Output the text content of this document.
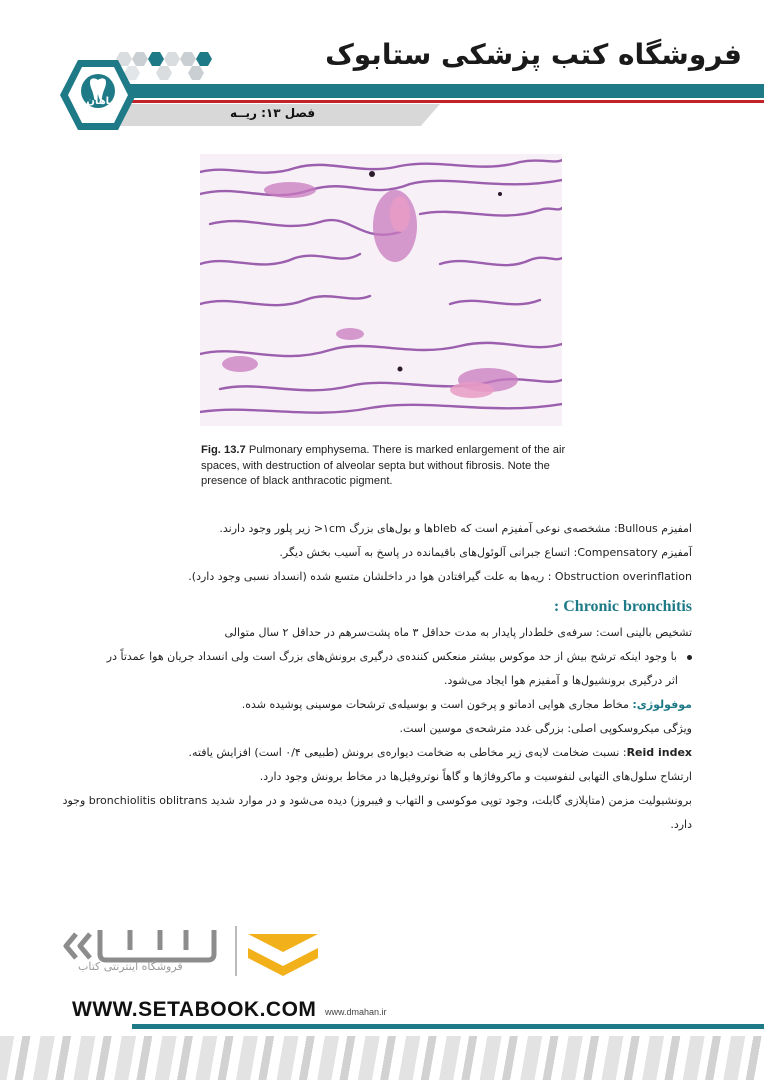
فروشگاه کتب پزشکی ستابوک
فصل ۱۳: ریــه
ماهان
Fig. 13.7 Pulmonary emphysema. There is marked enlargement of the air spaces, with destruction of alveolar septa but without fibrosis. Note the presence of black anthracotic pigment.
امفیزم Bullous: مشخصه‌ی نوعی آمفیزم است که blebها و بول‌های بزرگ ۱cm< زیر پلور وجود دارند.
آمفیزم Compensatory: اتساع جبرانی آلوئول‌های باقیمانده در پاسخ به آسیب بخش دیگر.
Obstruction overinflation : ریه‌ها به علت گیرافتادن هوا در داخلشان متسع شده (انسداد نسبی وجود دارد).
Chronic bronchitis :
تشخیص بالینی است: سرفه‌ی خلط‌دار پایدار به مدت حداقل ۳ ماه پشت‌سرهم در حداقل ۲ سال متوالی
با وجود اینکه ترشح بیش از حد موکوس بیشتر منعکس کننده‌ی درگیری برونش‌های بزرگ است ولی انسداد جریان هوا عمدتاً در
اثر درگیری برونشیول‌ها و آمفیزم هوا ایجاد می‌شود.
موفولوژی: مخاط مجاری هوایی ادماتو و پرخون است و بوسیله‌ی ترشحات موسینی پوشیده شده.
ویژگی میکروسکوپی اصلی: بزرگی غدد مترشحه‌ی موسین است.
Reid index: نسبت ضخامت لایه‌ی زیر مخاطی به ضخامت دیواره‌ی برونش (طبیعی ۰/۴ است) افزایش یافته.
ارتشاح سلول‌های التهابی لنفوسیت و ماکروفاژها و گاهاً نوتروفیل‌ها در مخاط برونش وجود دارد.
برونشیولیت مزمن (متاپلازی گابلت، وجود توپی موکوسی و التهاب و فیبروز) دیده می‌شود و در موارد شدید bronchiolitis oblitrans وجود
دارد.
فروشگاه اینترنتی کتاب
WWW.SETABOOK.COM www.dmahan.ir
